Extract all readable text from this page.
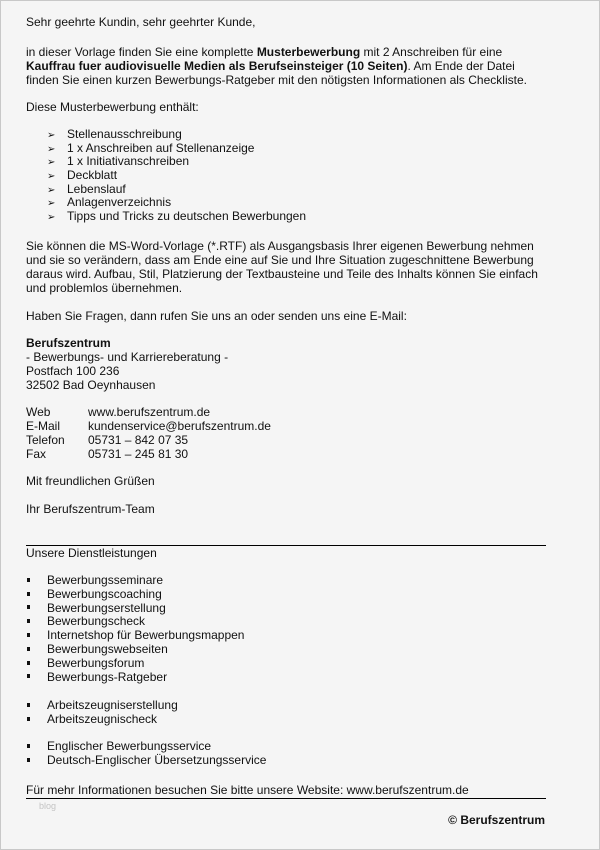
Sehr geehrte Kundin, sehr geehrter Kunde,
in dieser Vorlage finden Sie eine komplette Musterbewerbung mit 2 Anschreiben für eine
Kauffrau fuer audiovisuelle Medien als Berufseinsteiger (10 Seiten). Am Ende der Datei
finden Sie einen kurzen Bewerbungs-Ratgeber mit den nötigsten Informationen als Checkliste.
Diese Musterbewerbung enthält:
➢ Stellenausschreibung
➢ 1 x Anschreiben auf Stellenanzeige
➢ 1 x Initiativanschreiben
➢ Deckblatt
➢ Lebenslauf
➢ Anlagenverzeichnis
➢ Tipps und Tricks zu deutschen Bewerbungen
Sie können die MS-Word-Vorlage (*.RTF) als Ausgangsbasis Ihrer eigenen Bewerbung nehmen
und sie so verändern, dass am Ende eine auf Sie und Ihre Situation zugeschnittene Bewerbung
daraus wird. Aufbau, Stil, Platzierung der Textbausteine und Teile des Inhalts können Sie einfach
und problemlos übernehmen.
Haben Sie Fragen, dann rufen Sie uns an oder senden uns eine E-Mail:
Berufszentrum
- Bewerbungs- und Karriereberatung -
Postfach 100 236
32502 Bad Oeynhausen
Web	www.berufszentrum.de
E-Mail kundenservice@berufszentrum.de
Telefon 05731 – 842 07 35
Fax	05731 – 245 81 30
Mit freundlichen Grüßen
Ihr Berufszentrum-Team
Unsere Dienstleistungen
Bewerbungsseminare
Bewerbungscoaching
Bewerbungserstellung
Bewerbungscheck
Internetshop für Bewerbungsmappen
Bewerbungswebseiten
Bewerbungsforum
Bewerbungs-Ratgeber
Arbeitszeugniserstellung
Arbeitszeugnischeck
Englischer Bewerbungsservice
Deutsch-Englischer Übersetzungsservice
Für mehr Informationen besuchen Sie bitte unsere Website: www.berufszentrum.de
blog
© Berufszentrum
